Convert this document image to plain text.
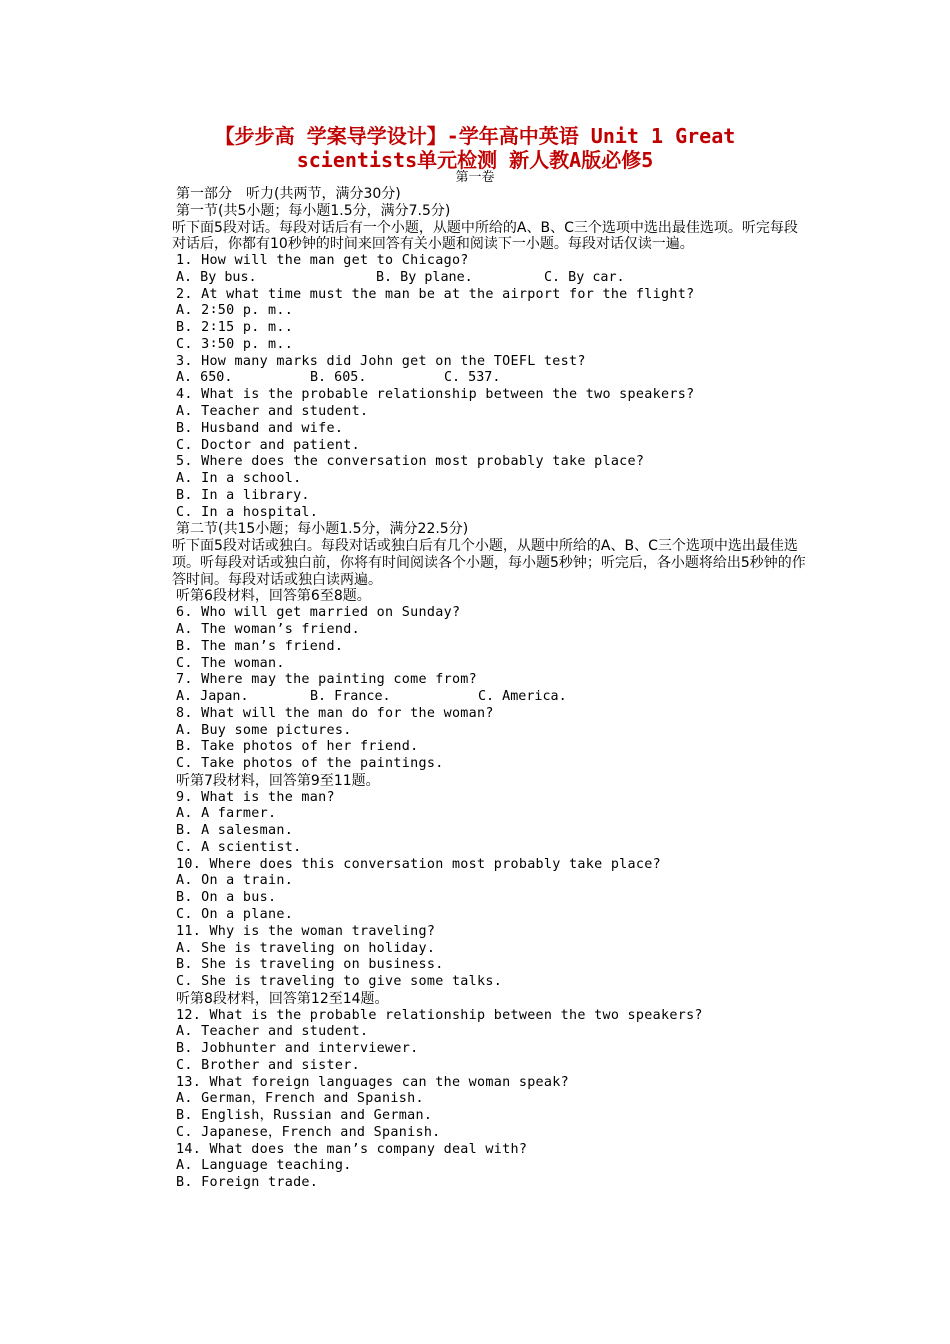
【步步高 学案导学设计】-学年高中英语 Unit 1 Great scientists单元检测 新人教A版必修5
第一卷
第一部分　听力(共两节，满分30分)
第一节(共5小题；每小题1.5分，满分7.5分)
听下面5段对话。每段对话后有一个小题，从题中所给的A、B、C三个选项中选出最佳选项。听完每段对话后，你都有10秒钟的时间来回答有关小题和阅读下一小题。每段对话仅读一遍。
1. How will the man get to Chicago?
A. By bus.	B. By plane.	C. By car.
2. At what time must the man be at the airport for the flight?
A. 2∶50 p. m..
B. 2∶15 p. m..
C. 3∶50 p. m..
3. How many marks did John get on the TOEFL test?
A. 650.	B. 605.	C. 537.
4. What is the probable relationship between the two speakers?
A. Teacher and student.
B. Husband and wife.
C. Doctor and patient.
5. Where does the conversation most probably take place?
A. In a school.
B. In a library.
C. In a hospital.
第二节(共15小题；每小题1.5分，满分22.5分)
听下面5段对话或独白。每段对话或独白后有几个小题，从题中所给的A、B、C三个选项中选出最佳选项。听每段对话或独白前，你将有时间阅读各个小题，每小题5秒钟；听完后，各小题将给出5秒钟的作答时间。每段对话或独白读两遍。
听第6段材料，回答第6至8题。
6. Who will get married on Sunday?
A. The woman’s friend.
B. The man’s friend.
C. The woman.
7. Where may the painting come from?
A. Japan.	B. France.	C. America.
8. What will the man do for the woman?
A. Buy some pictures.
B. Take photos of her friend.
C. Take photos of the paintings.
听第7段材料，回答第9至11题。
9. What is the man?
A. A farmer.
B. A salesman.
C. A scientist.
10. Where does this conversation most probably take place?
A. On a train.
B. On a bus.
C. On a plane.
11. Why is the woman traveling?
A. She is traveling on holiday.
B. She is traveling on business.
C. She is traveling to give some talks.
听第8段材料，回答第12至14题。
12. What is the probable relationship between the two speakers?
A. Teacher and student.
B. Jobhunter and interviewer.
C. Brother and sister.
13. What foreign languages can the woman speak?
A. German，French and Spanish.
B. English，Russian and German.
C. Japanese，French and Spanish.
14. What does the man’s company deal with?
A. Language teaching.
B. Foreign trade.
